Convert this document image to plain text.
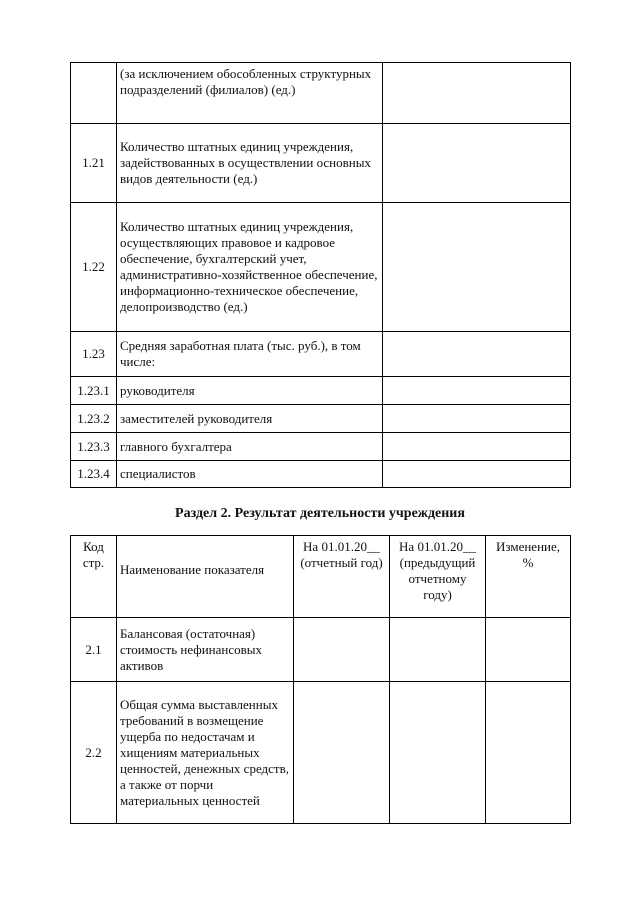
	(за исключением обособленных структурных подразделений (филиалов) (ед.)	
1.21	Количество штатных единиц учреждения, задействованных в осуществлении основных видов деятельности (ед.)	
1.22	Количество штатных единиц учреждения, осуществляющих правовое и кадровое обеспечение, бухгалтерский учет, административно-хозяйственное обеспечение, информационно-техническое обеспечение, делопроизводство (ед.)	
1.23	Средняя заработная плата (тыс. руб.), в том числе:	
1.23.1	руководителя	
1.23.2	заместителей руководителя	
1.23.3	главного бухгалтера	
1.23.4	специалистов	
Раздел 2. Результат деятельности учреждения
Код стр.	Наименование показателя	На 01.01.20__ (отчетный год)	На 01.01.20__ (предыдущий отчетному году)	Изменение, %
2.1	Балансовая (остаточная) стоимость нефинансовых активов			
2.2	Общая сумма выставленных требований в возмещение ущерба по недостачам и хищениям материальных ценностей, денежных средств, а также от порчи материальных ценностей			
